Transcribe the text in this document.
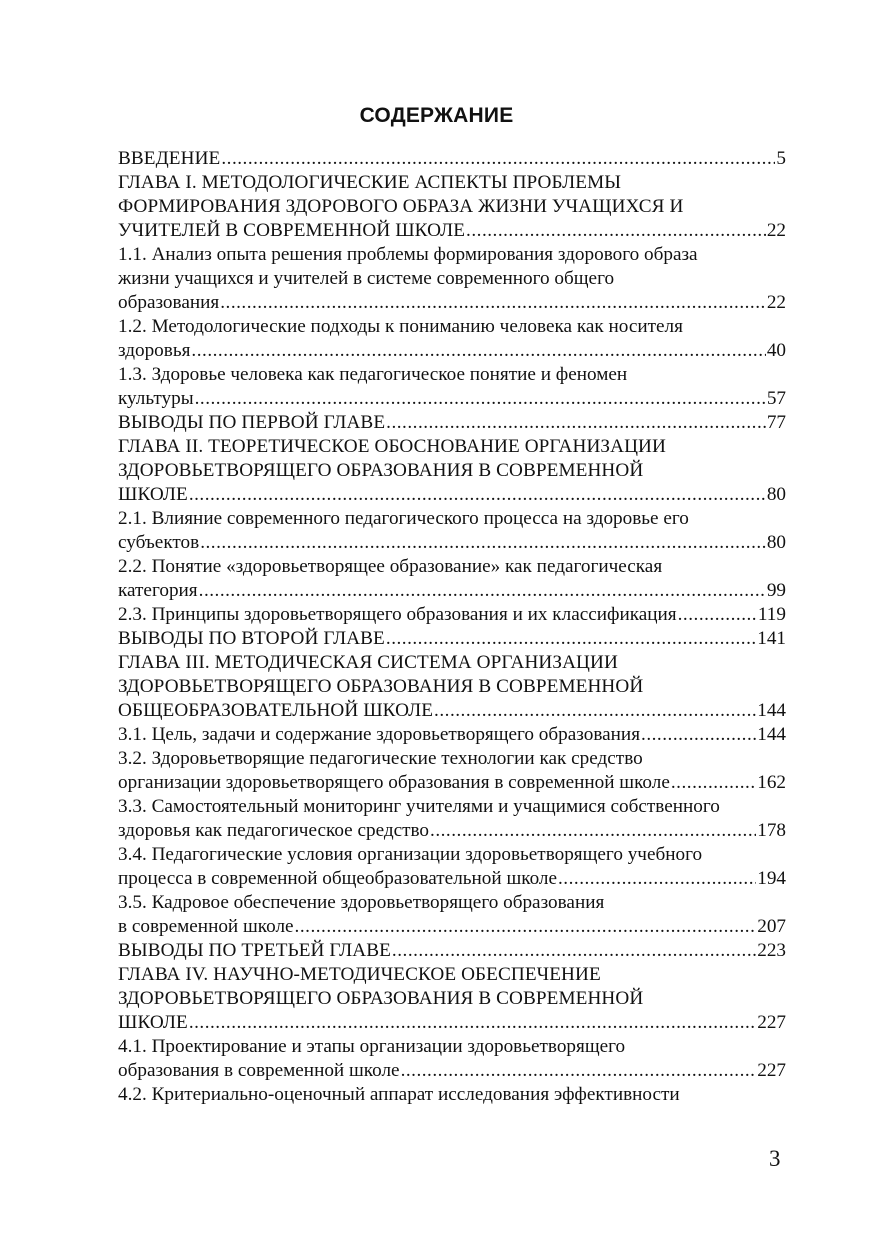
СОДЕРЖАНИЕ
ВВЕДЕНИЕ .....	5
ГЛАВА I. МЕТОДОЛОГИЧЕСКИЕ АСПЕКТЫ ПРОБЛЕМЫ
ФОРМИРОВАНИЯ ЗДОРОВОГО ОБРАЗА ЖИЗНИ УЧАЩИХСЯ И
УЧИТЕЛЕЙ В СОВРЕМЕННОЙ ШКОЛЕ .....	22
1.1. Анализ опыта решения проблемы формирования здорового образа
жизни учащихся и учителей в системе современного общего
образования .....	22
1.2. Методологические подходы к пониманию человека как носителя
здоровья .....	40
1.3. Здоровье человека как педагогическое понятие и феномен
культуры .....	57
ВЫВОДЫ ПО ПЕРВОЙ ГЛАВЕ .....	77
ГЛАВА II. ТЕОРЕТИЧЕСКОЕ ОБОСНОВАНИЕ ОРГАНИЗАЦИИ
ЗДОРОВЬЕТВОРЯЩЕГО ОБРАЗОВАНИЯ В СОВРЕМЕННОЙ
ШКОЛЕ .....	80
2.1. Влияние современного педагогического процесса на здоровье его
субъектов .....	80
2.2. Понятие «здоровьетворящее образование» как педагогическая
категория .....	99
2.3. Принципы здоровьетворящего образования и их классификация .....	119
ВЫВОДЫ ПО ВТОРОЙ ГЛАВЕ .....	141
ГЛАВА III. МЕТОДИЧЕСКАЯ СИСТЕМА ОРГАНИЗАЦИИ
ЗДОРОВЬЕТВОРЯЩЕГО ОБРАЗОВАНИЯ В СОВРЕМЕННОЙ
ОБЩЕОБРАЗОВАТЕЛЬНОЙ ШКОЛЕ .....	144
3.1. Цель, задачи и содержание здоровьетворящего образования .....	144
3.2. Здоровьетворящие педагогические технологии как средство
организации здоровьетворящего образования в современной школе .....	162
3.3. Самостоятельный мониторинг учителями и учащимися собственного
здоровья как педагогическое средство .....	178
3.4. Педагогические условия организации здоровьетворящего учебного
процесса в современной общеобразовательной школе .....	194
3.5. Кадровое обеспечение здоровьетворящего образования
в современной школе .....	207
ВЫВОДЫ ПО ТРЕТЬЕЙ ГЛАВЕ .....	223
ГЛАВА IV. НАУЧНО-МЕТОДИЧЕСКОЕ ОБЕСПЕЧЕНИЕ
ЗДОРОВЬЕТВОРЯЩЕГО ОБРАЗОВАНИЯ В СОВРЕМЕННОЙ
ШКОЛЕ .....	227
4.1. Проектирование и этапы организации здоровьетворящего
образования в современной школе .....	227
4.2. Критериально-оценочный аппарат исследования эффективности
3
